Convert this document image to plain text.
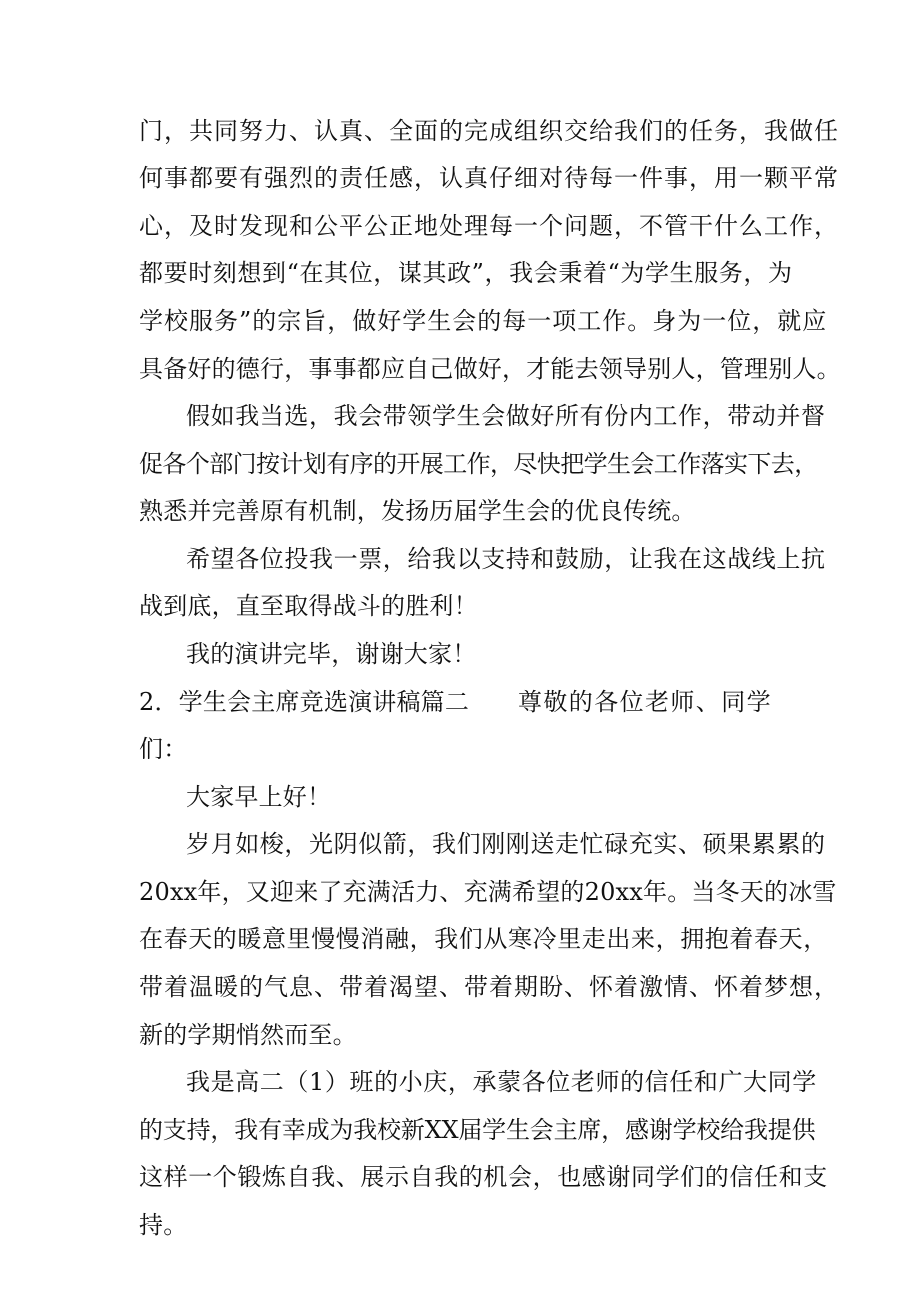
门，共同努力、认真、全面的完成组织交给我们的任务，我做任

何事都要有强烈的责任感，认真仔细对待每一件事，用一颗平常

心，及时发现和公平公正地处理每一个问题，不管干什么工作，

都要时刻想到“在其位，谋其政”，我会秉着“为学生服务，为

学校服务”的宗旨，做好学生会的每一项工作。身为一位，就应

具备好的德行，事事都应自己做好，才能去领导别人，管理别人。

假如我当选，我会带领学生会做好所有份内工作，带动并督

促各个部门按计划有序的开展工作，尽快把学生会工作落实下去，

熟悉并完善原有机制，发扬历届学生会的优良传统。

希望各位投我一票，给我以支持和鼓励，让我在这战线上抗

战到底，直至取得战斗的胜利！

我的演讲完毕，谢谢大家！

2．学生会主席竞选演讲稿篇二 尊敬的各位老师、同学

们：

大家早上好！

岁月如梭，光阴似箭，我们刚刚送走忙碌充实、硕果累累的

20xx年，又迎来了充满活力、充满希望的20xx年。当冬天的冰雪

在春天的暖意里慢慢消融，我们从寒冷里走出来，拥抱着春天，

带着温暖的气息、带着渴望、带着期盼、怀着激情、怀着梦想，

新的学期悄然而至。

我是高二（1）班的小庆，承蒙各位老师的信任和广大同学

的支持，我有幸成为我校新XX届学生会主席，感谢学校给我提供

这样一个锻炼自我、展示自我的机会，也感谢同学们的信任和支

持。
